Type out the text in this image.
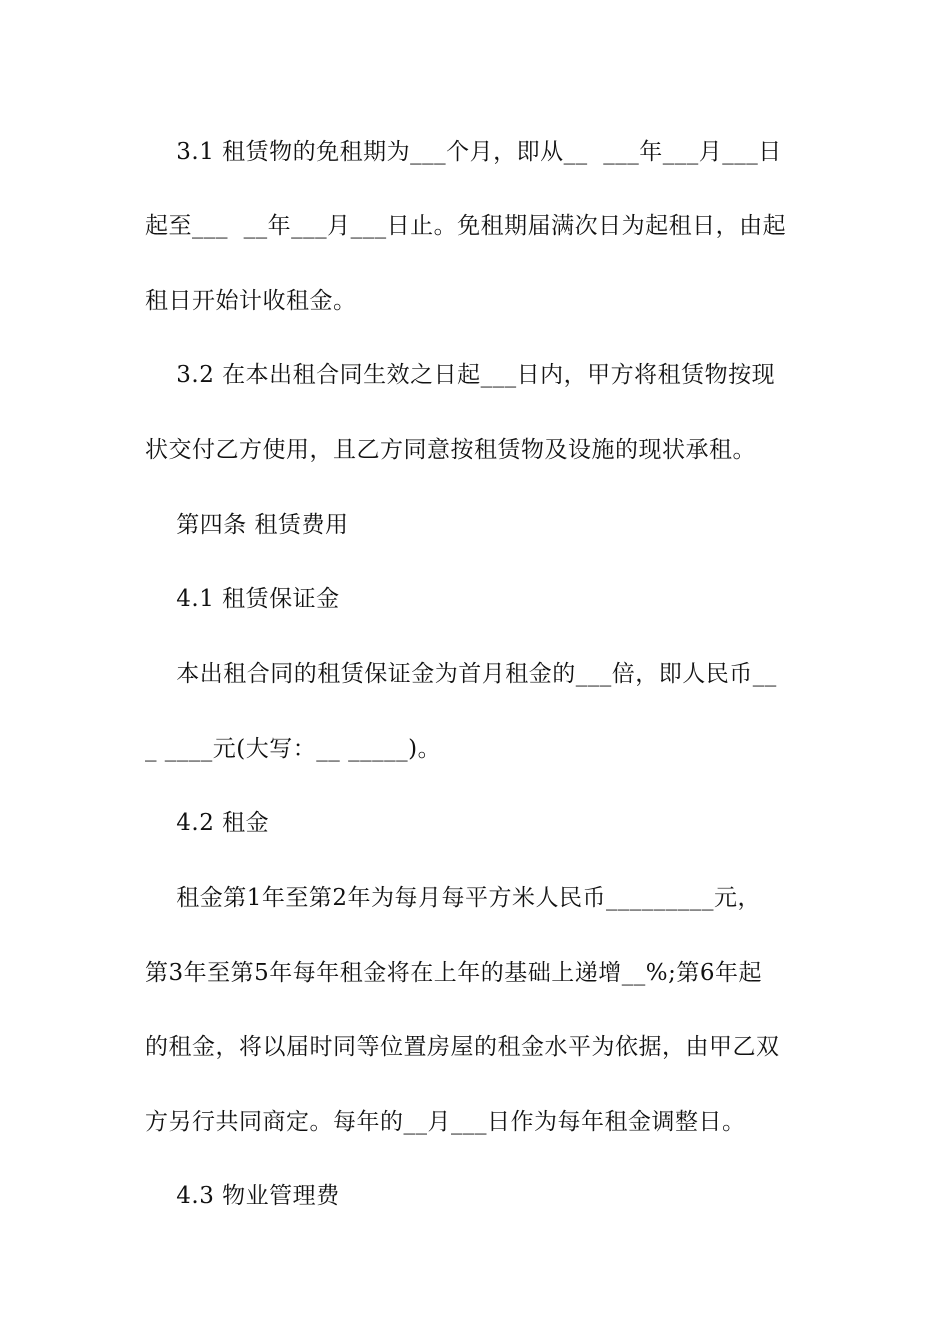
3.1 租赁物的免租期为___个月，即从__  ___年___月___日
起至___  __年___月___日止。免租期届满次日为起租日，由起
租日开始计收租金。
3.2 在本出租合同生效之日起___日内，甲方将租赁物按现
状交付乙方使用，且乙方同意按租赁物及设施的现状承租。
第四条 租赁费用
4.1 租赁保证金
本出租合同的租赁保证金为首月租金的___倍，即人民币__
_ ____元(大写：__ _____)。
4.2 租金
租金第1年至第2年为每月每平方米人民币_________元，
第3年至第5年每年租金将在上年的基础上递增__%;第6年起
的租金，将以届时同等位置房屋的租金水平为依据，由甲乙双
方另行共同商定。每年的__月___日作为每年租金调整日。
4.3 物业管理费
